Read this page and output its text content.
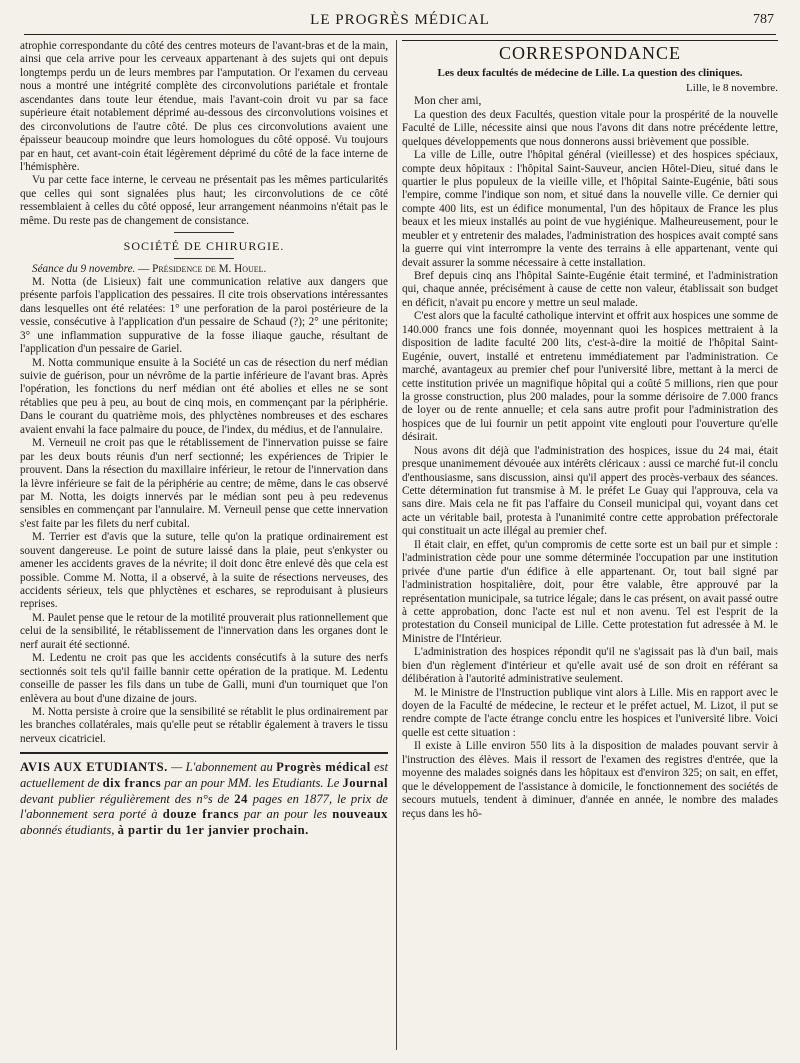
LE PROGRÈS MÉDICAL	787

atrophie correspondante du côté des centres moteurs de l'avant-bras et de la main, ainsi que cela arrive pour les cerveaux appartenant à des sujets qui ont depuis longtemps perdu un de leurs membres par l'amputation. Or l'examen du cerveau nous a montré une intégrité complète des circonvolutions pariétale et frontale ascendantes dans toute leur étendue, mais l'avant-coin droit vu par sa face supérieure était notablement déprimé au-dessous des circonvolutions voisines et des circonvolutions de l'autre côté. De plus ces circonvolutions avaient une épaisseur beaucoup moindre que leurs homologues du côté opposé. Vu toujours par en haut, cet avant-coin était légèrement déprimé du côté de la face interne de l'hémisphère.

Vu par cette face interne, le cerveau ne présentait pas les mêmes particularités que celles qui sont signalées plus haut; les circonvolutions de ce côté ressemblaient à celles du côté opposé, leur arrangement néanmoins n'était pas le même. Du reste pas de changement de consistance.

SOCIÉTÉ DE CHIRURGIE.

Séance du 9 novembre. — Présidence de M. Houel.

M. Notta (de Lisieux) fait une communication relative aux dangers que présente parfois l'application des pessaires. Il cite trois observations intéressantes dans lesquelles ont été relatées: 1° une perforation de la paroi postérieure de la vessie, consécutive à l'application d'un pessaire de Schaud (?); 2° une péritonite; 3° une inflammation suppurative de la fosse iliaque gauche, résultant de l'application d'un pessaire de Gariel.

M. Notta communique ensuite à la Société un cas de résection du nerf médian suivie de guérison, pour un névrôme de la partie inférieure de l'avant bras. Après l'opération, les fonctions du nerf médian ont été abolies et elles ne se sont rétablies que peu à peu, au bout de cinq mois, en commençant par la périphérie. Dans le courant du quatrième mois, des phlyctènes nombreuses et des eschares avaient envahi la face palmaire du pouce, de l'index, du médius, et de l'annulaire.

M. Verneuil ne croit pas que le rétablissement de l'innervation puisse se faire par les deux bouts réunis d'un nerf sectionné; les expériences de Tripier le prouvent. Dans la résection du maxillaire inférieur, le retour de l'innervation dans la lèvre inférieure se fait de la périphérie au centre; de même, dans le cas observé par M. Notta, les doigts innervés par le médian sont peu à peu redevenus sensibles en commençant par l'annulaire. M. Verneuil pense que cette innervation s'est faite par les filets du nerf cubital.

M. Terrier est d'avis que la suture, telle qu'on la pratique ordinairement est souvent dangereuse. Le point de suture laissé dans la plaie, peut s'enkyster ou amener les accidents graves de la névrite; il doit donc être enlevé dès que cela est possible. Comme M. Notta, il a observé, à la suite de résections nerveuses, des accidents sérieux, tels que phlyctènes et eschares, se reproduisant à plusieurs reprises.

M. Paulet pense que le retour de la motilité prouverait plus rationnellement que celui de la sensibilité, le rétablissement de l'innervation dans les organes dont le nerf aurait été sectionné.

M. Ledentu ne croit pas que les accidents consécutifs à la suture des nerfs sectionnés soit tels qu'il faille bannir cette opération de la pratique. M. Ledentu conseille de passer les fils dans un tube de Galli, muni d'un tourniquet que l'on enlèvera au bout d'une dizaine de jours.

M. Notta persiste à croire que la sensibilité se rétablit le plus ordinairement par les branches collatérales, mais qu'elle peut se rétablir également à travers le tissu nerveux cicatriciel.

AVIS AUX ETUDIANTS. — L'abonnement au Progrès médical est actuellement de dix francs par an pour MM. les Etudiants. Le Journal devant publier régulièrement des n°s de 24 pages en 1877, le prix de l'abonnement sera porté à douze francs par an pour les nouveaux abonnés étudiants, à partir du 1er janvier prochain.
CORRESPONDANCE
Les deux facultés de médecine de Lille. La question des cliniques.

Lille, le 8 novembre.

Mon cher ami,

La question des deux Facultés, question vitale pour la prospérité de la nouvelle Faculté de Lille, nécessite ainsi que nous l'avons dit dans notre précédente lettre, quelques développements que nous donnerons aussi brièvement que possible.

La ville de Lille, outre l'hôpital général (vieillesse) et des hospices spéciaux, compte deux hôpitaux : l'hôpital Saint-Sauveur, ancien Hôtel-Dieu, situé dans le quartier le plus populeux de la vieille ville, et l'hôpital Sainte-Eugénie, bâti sous l'empire, comme l'indique son nom, et situé dans la nouvelle ville. Ce dernier qui compte 400 lits, est un édifice monumental, l'un des hôpitaux de France les plus beaux et les mieux installés au point de vue hygiénique. Malheureusement, pour le meubler et y entretenir des malades, l'administration des hospices avait compté sans la guerre qui vint interrompre la vente des terrains à elle appartenant, vente qui devait assurer la somme nécessaire à cette installation.

Bref depuis cinq ans l'hôpital Sainte-Eugénie était terminé, et l'administration qui, chaque année, précisément à cause de cette non valeur, établissait son budget en déficit, n'avait pu encore y mettre un seul malade.

C'est alors que la faculté catholique intervint et offrit aux hospices une somme de 140.000 francs une fois donnée, moyennant quoi les hospices mettraient à la disposition de ladite faculté 200 lits, c'est-à-dire la moitié de l'hôpital Saint-Eugénie, ouvert, installé et entretenu immédiatement par l'administration. Ce marché, avantageux au premier chef pour l'université libre, mettant à la merci de cette institution privée un magnifique hôpital qui a coûté 5 millions, rien que pour la grosse construction, plus 200 malades, pour la somme dérisoire de 7.000 francs de loyer ou de rente annuelle; et cela sans autre profit pour l'administration des hospices que de lui fournir un petit appoint vite englouti pour l'ouverture qu'elle désirait.

Nous avons dit déjà que l'administration des hospices, issue du 24 mai, était presque unanimement dévouée aux intérêts cléricaux : aussi ce marché fut-il conclu d'enthousiasme, sans discussion, ainsi qu'il appert des procès-verbaux des séances. Cette détermination fut transmise à M. le préfet Le Guay qui l'approuva, cela va sans dire. Mais cela ne fit pas l'affaire du Conseil municipal qui, voyant dans cet acte un véritable bail, protesta à l'unanimité contre cette approbation préfectorale qui constituait un acte illégal au premier chef.

Il était clair, en effet, qu'un compromis de cette sorte est un bail pur et simple : l'administration cède pour une somme déterminée l'occupation par une institution privée d'une partie d'un édifice à elle appartenant. Or, tout bail signé par l'administration hospitalière, doit, pour être valable, être approuvé par la représentation municipale, sa tutrice légale; dans le cas présent, on avait passé outre à cette approbation, donc l'acte est nul et non avenu. Tel est l'esprit de la protestation du Conseil municipal de Lille. Cette protestation fut adressée à M. le Ministre de l'Intérieur.

L'administration des hospices répondit qu'il ne s'agissait pas là d'un bail, mais bien d'un règlement d'intérieur et qu'elle avait usé de son droit en référant sa délibération à l'autorité administrative seulement.

M. le Ministre de l'Instruction publique vint alors à Lille. Mis en rapport avec le doyen de la Faculté de médecine, le recteur et le préfet actuel, M. Lizot, il put se rendre compte de l'acte étrange conclu entre les hospices et l'université libre. Voici quelle est cette situation :

Il existe à Lille environ 550 lits à la disposition de malades pouvant servir à l'instruction des élèves. Mais il ressort de l'examen des registres d'entrée, que la moyenne des malades soignés dans les hôpitaux est d'environ 325; on sait, en effet, que le développement de l'assistance à domicile, le fonctionnement des sociétés de secours mutuels, tendent à diminuer, d'année en année, le nombre des malades reçus dans les hô-
